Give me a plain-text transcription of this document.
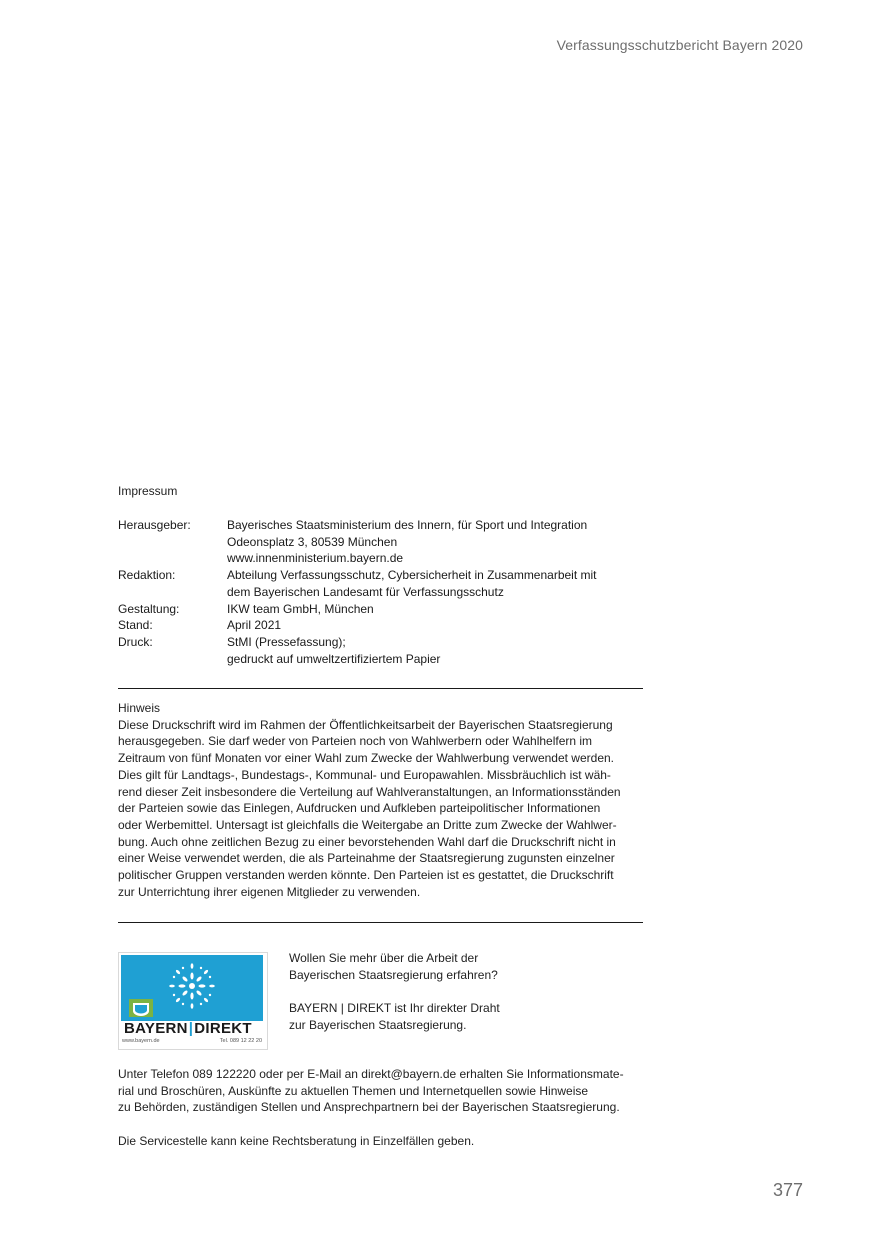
Verfassungsschutzbericht Bayern 2020
Impressum
Herausgeber:	Bayerisches Staatsministerium des Innern, für Sport und Integration
Odeonsplatz 3, 80539 München
www.innenministerium.bayern.de
Redaktion:	Abteilung Verfassungsschutz, Cybersicherheit in Zusammenarbeit mit
dem Bayerischen Landesamt für Verfassungsschutz
Gestaltung:	IKW team GmbH, München
Stand:	April 2021
Druck:	StMI (Pressefassung);
gedruckt auf umweltzertifiziertem Papier

Hinweis

Diese Druckschrift wird im Rahmen der Öffentlichkeitsarbeit der Bayerischen Staatsregierung

herausgegeben. Sie darf weder von Parteien noch von Wahlwerbern oder Wahlhelfern im

Zeitraum von fünf Monaten vor einer Wahl zum Zwecke der Wahlwerbung verwendet werden.

Dies gilt für Landtags-, Bundestags-, Kommunal- und Europawahlen. Missbräuchlich ist wäh-

rend dieser Zeit insbesondere die Verteilung auf Wahlveranstaltungen, an Informationsständen

der Parteien sowie das Einlegen, Aufdrucken und Aufkleben parteipolitischer Informationen

oder Werbemittel. Untersagt ist gleichfalls die Weitergabe an Dritte zum Zwecke der Wahlwer-

bung. Auch ohne zeitlichen Bezug zu einer bevorstehenden Wahl darf die Druckschrift nicht in

einer Weise verwendet werden, die als Parteinahme der Staatsregierung zugunsten einzelner

politischer Gruppen verstanden werden könnte. Den Parteien ist es gestattet, die Druckschrift

zur Unterrichtung ihrer eigenen Mitglieder zu verwenden.

BAYERN|DIREKT
www.bayern.de	Tel. 089 12 22 20

Wollen Sie mehr über die Arbeit der
Bayerischen Staatsregierung erfahren?

BAYERN | DIREKT ist Ihr direkter Draht
zur Bayerischen Staatsregierung.

Unter Telefon 089 122220 oder per E-Mail an direkt@bayern.de erhalten Sie Informationsmate-
rial und Broschüren, Auskünfte zu aktuellen Themen und Internetquellen sowie Hinweise
zu Behörden, zuständigen Stellen und Ansprechpartnern bei der Bayerischen Staatsregierung.

Die Servicestelle kann keine Rechtsberatung in Einzelfällen geben.

377
